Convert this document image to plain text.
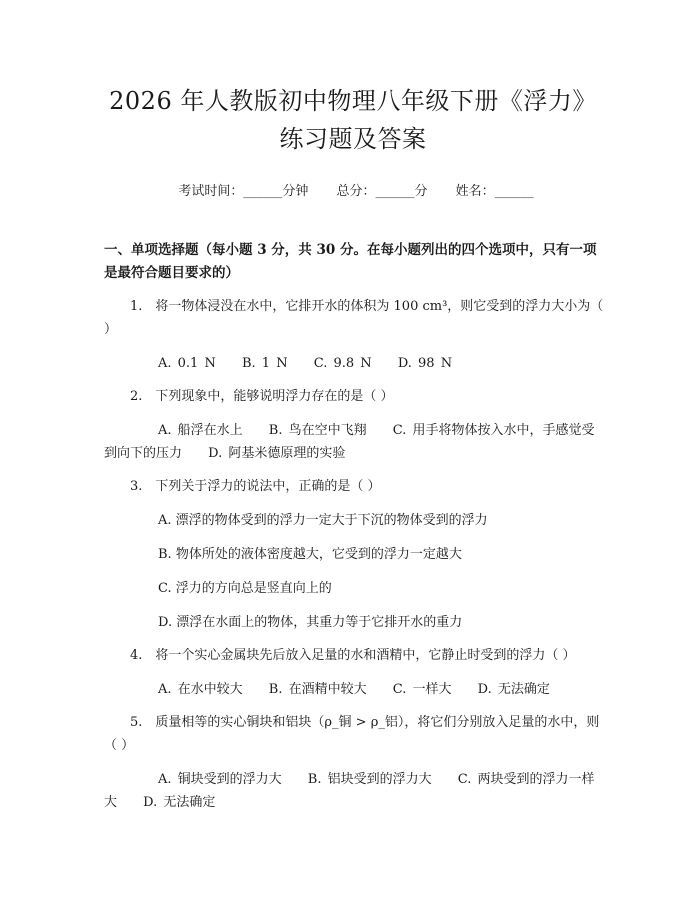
2026 年人教版初中物理八年级下册《浮力》
练习题及答案
考试时间：______分钟 总分：______分 姓名：______
一、单项选择题（每小题 3 分，共 30 分。在每小题列出的四个选项中，只有一项是最符合题目要求的）
1.　将一物体浸没在水中，它排开水的体积为 100 cm³，则它受到的浮力大小为（ ）
A. 0.1 N B. 1 N C. 9.8 N D. 98 N
2.　下列现象中，能够说明浮力存在的是（ ）
A. 船浮在水上 B. 鸟在空中飞翔 C. 用手将物体按入水中，手感觉受到向下的压力 D. 阿基米德原理的实验
3.　下列关于浮力的说法中，正确的是（ ）
A. 漂浮的物体受到的浮力一定大于下沉的物体受到的浮力
B. 物体所处的液体密度越大，它受到的浮力一定越大
C. 浮力的方向总是竖直向上的
D. 漂浮在水面上的物体，其重力等于它排开水的重力
4.　将一个实心金属块先后放入足量的水和酒精中，它静止时受到的浮力（ ）
A. 在水中较大 B. 在酒精中较大 C. 一样大 D. 无法确定
5.　质量相等的实心铜块和铝块（ρ_铜 > ρ_铝），将它们分别放入足量的水中，则（ ）
A. 铜块受到的浮力大 B. 铝块受到的浮力大 C. 两块受到的浮力一样大 D. 无法确定
